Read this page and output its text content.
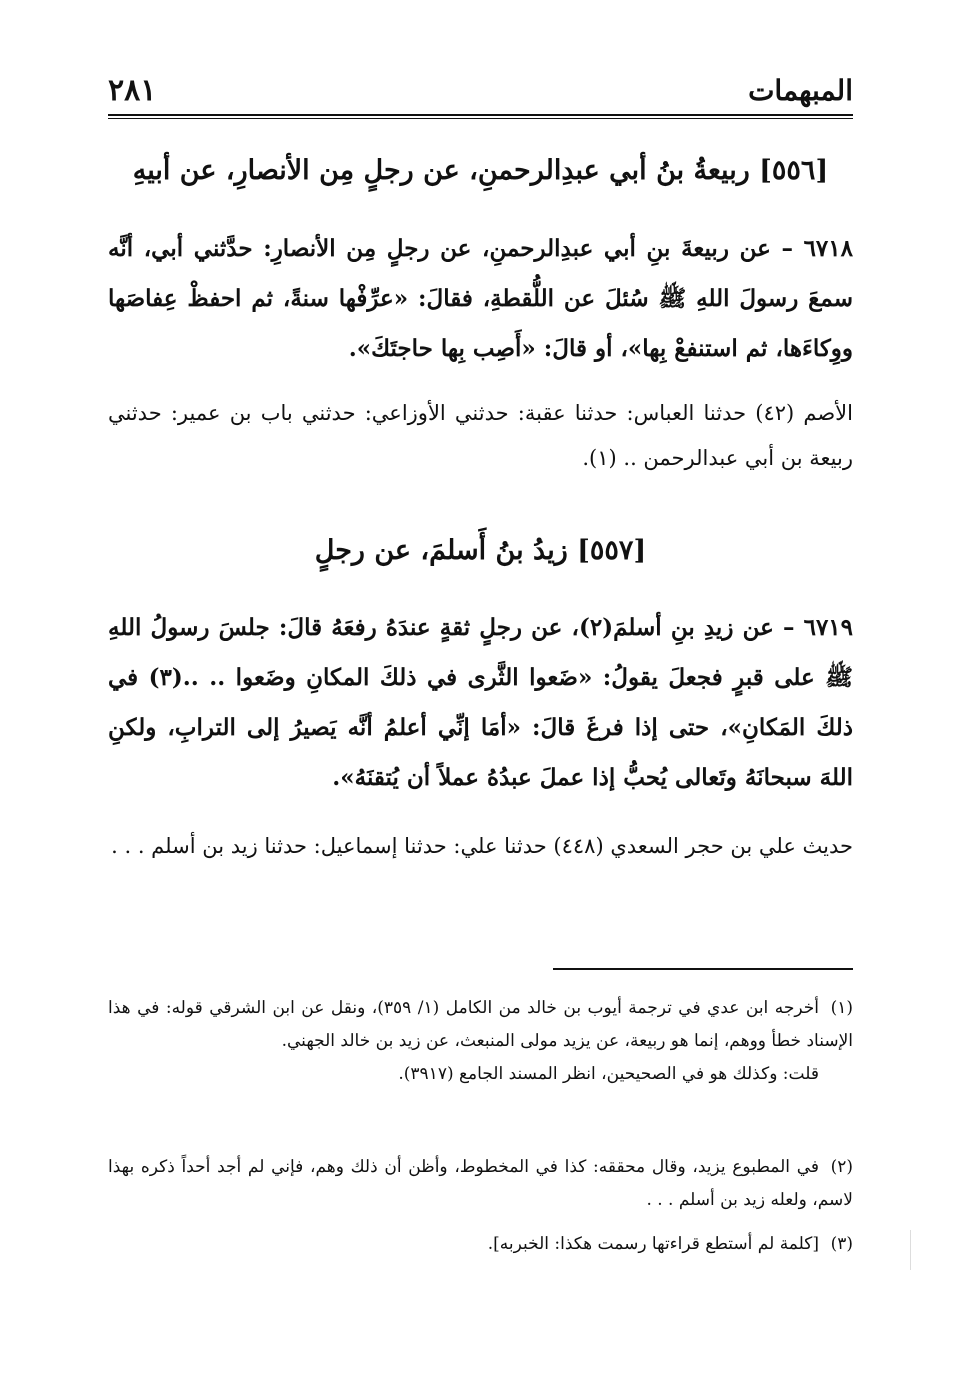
٢٨١	المبهمات
[٥٥٦] ربيعةُ بنُ أبي عبدِالرحمنِ، عن رجلٍ مِن الأنصارِ، عن أبيهِ
٦٧١٨ – عن ربيعةَ بنِ أبي عبدِالرحمنِ، عن رجلٍ مِن الأنصارِ: حدَّثني أبي، أنَّه سمعَ رسولَ اللهِ ﷺ سُئلَ عن اللُّقطةِ، فقالَ: «عرِّفْها سنةً، ثم احفظْ عِفاصَها ووِكاءَها، ثم استنفعْ بِها»، أو قالَ: «أَصِب بِها حاجتَكَ».
الأصم (٤٢) حدثنا العباس: حدثنا عقبة: حدثني الأوزاعي: حدثني باب بن عمير: حدثني ربيعة بن أبي عبدالرحمن .. (١).
[٥٥٧] زيدُ بنُ أَسلمَ، عن رجلٍ
٦٧١٩ – عن زيدِ بنِ أسلمَ(٢)، عن رجلٍ ثقةٍ عندَهُ رفعَهُ قالَ: جلسَ رسولُ اللهِ ﷺ على قبرٍ فجعلَ يقولُ: «ضَعوا الثَّرى في ذلكَ المكانِ وضَعوا .. ..(٣) في ذلكَ المَكانِ»، حتى إذا فرغَ قالَ: «أمَا إنِّي أعلمُ أنَّه يَصيرُ إلى الترابِ، ولكنِ اللهَ سبحانَهُ وتَعالى يُحبُّ إذا عملَ عبدُهُ عملاً أن يُتقنَهُ».
حديث علي بن حجر السعدي (٤٤٨) حدثنا علي: حدثنا إسماعيل: حدثنا زيد بن أسلم . . .
(١)أخرجه ابن عدي في ترجمة أيوب بن خالد من الكامل (١/ ٣٥٩)، ونقل عن ابن الشرقي قوله: في هذا الإسناد خطأ ووهم، إنما هو ربيعة، عن يزيد مولى المنبعث، عن زيد بن خالد الجهني.
قلت: وكذلك هو في الصحيحين، انظر المسند الجامع (٣٩١٧).
(٢)في المطبوع يزيد، وقال محققه: كذا في المخطوط، وأظن أن ذلك وهم، فإني لم أجد أحداً ذكره بهذا لاسم، ولعله زيد بن أسلم . . .
(٣)[كلمة لم أستطع قراءتها رسمت هكذا: الخبربه].
